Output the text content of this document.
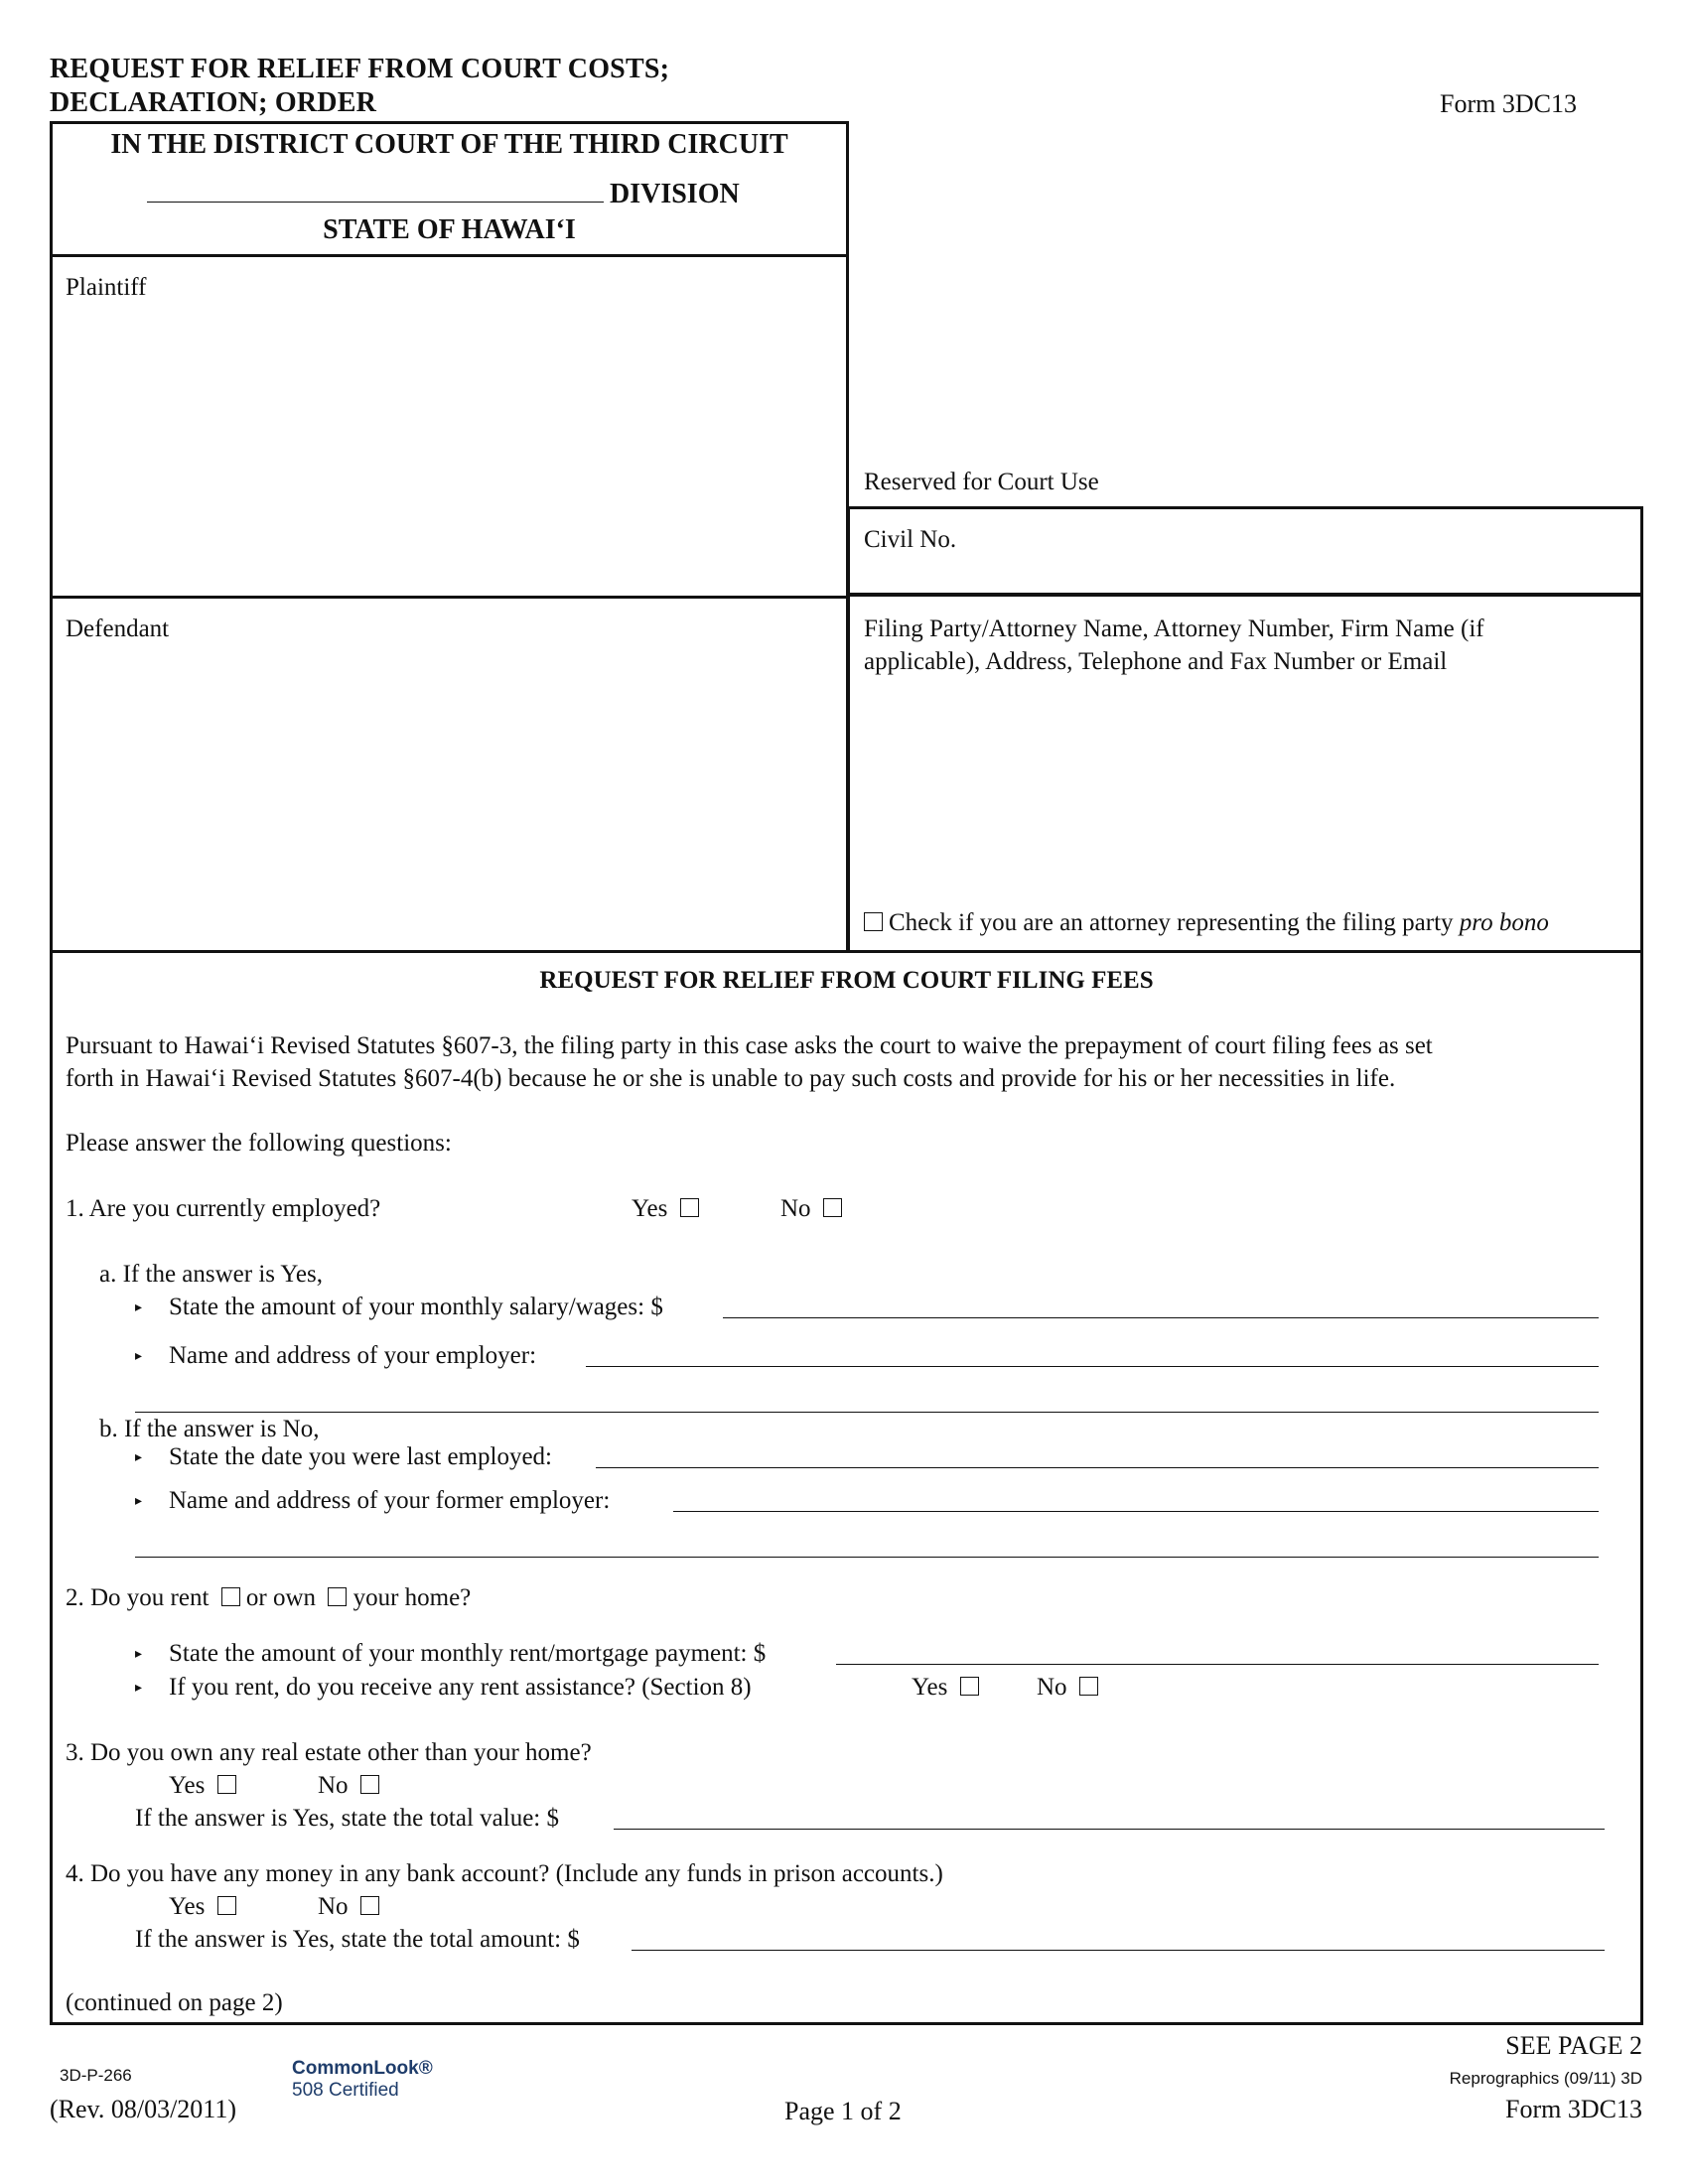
REQUEST FOR RELIEF FROM COURT COSTS;
DECLARATION; ORDER	Form 3DC13
IN THE DISTRICT COURT OF THE THIRD CIRCUIT
DIVISION
STATE OF HAWAI‘I
Plaintiff
Defendant
Reserved for Court Use
Civil No.
Filing Party/Attorney Name, Attorney Number, Firm Name (if
applicable), Address, Telephone and Fax Number or Email
Check if you are an attorney representing the filing party pro bono
REQUEST FOR RELIEF FROM COURT FILING FEES
Pursuant to Hawai‘i Revised Statutes §607-3, the filing party in this case asks the court to waive the prepayment of court filing fees as set
forth in Hawai‘i Revised Statutes §607-4(b) because he or she is unable to pay such costs and provide for his or her necessities in life.
Please answer the following questions:
1. Are you currently employed?	Yes	No
a. If the answer is Yes,
▸ State the amount of your monthly salary/wages: $
▸ Name and address of your employer:
b. If the answer is No,
▸ State the date you were last employed:
▸ Name and address of your former employer:
2. Do you rent or own your home?
▸ State the amount of your monthly rent/mortgage payment: $
▸ If you rent, do you receive any rent assistance? (Section 8)	Yes	No
3. Do you own any real estate other than your home?
Yes	No
If the answer is Yes, state the total value: $
4. Do you have any money in any bank account? (Include any funds in prison accounts.)
Yes	No
If the answer is Yes, state the total amount: $
(continued on page 2)
3D-P-266
(Rev. 08/03/2011)
CommonLook®
508 Certified
Page 1 of 2
SEE PAGE 2
Reprographics (09/11) 3D
Form 3DC13
